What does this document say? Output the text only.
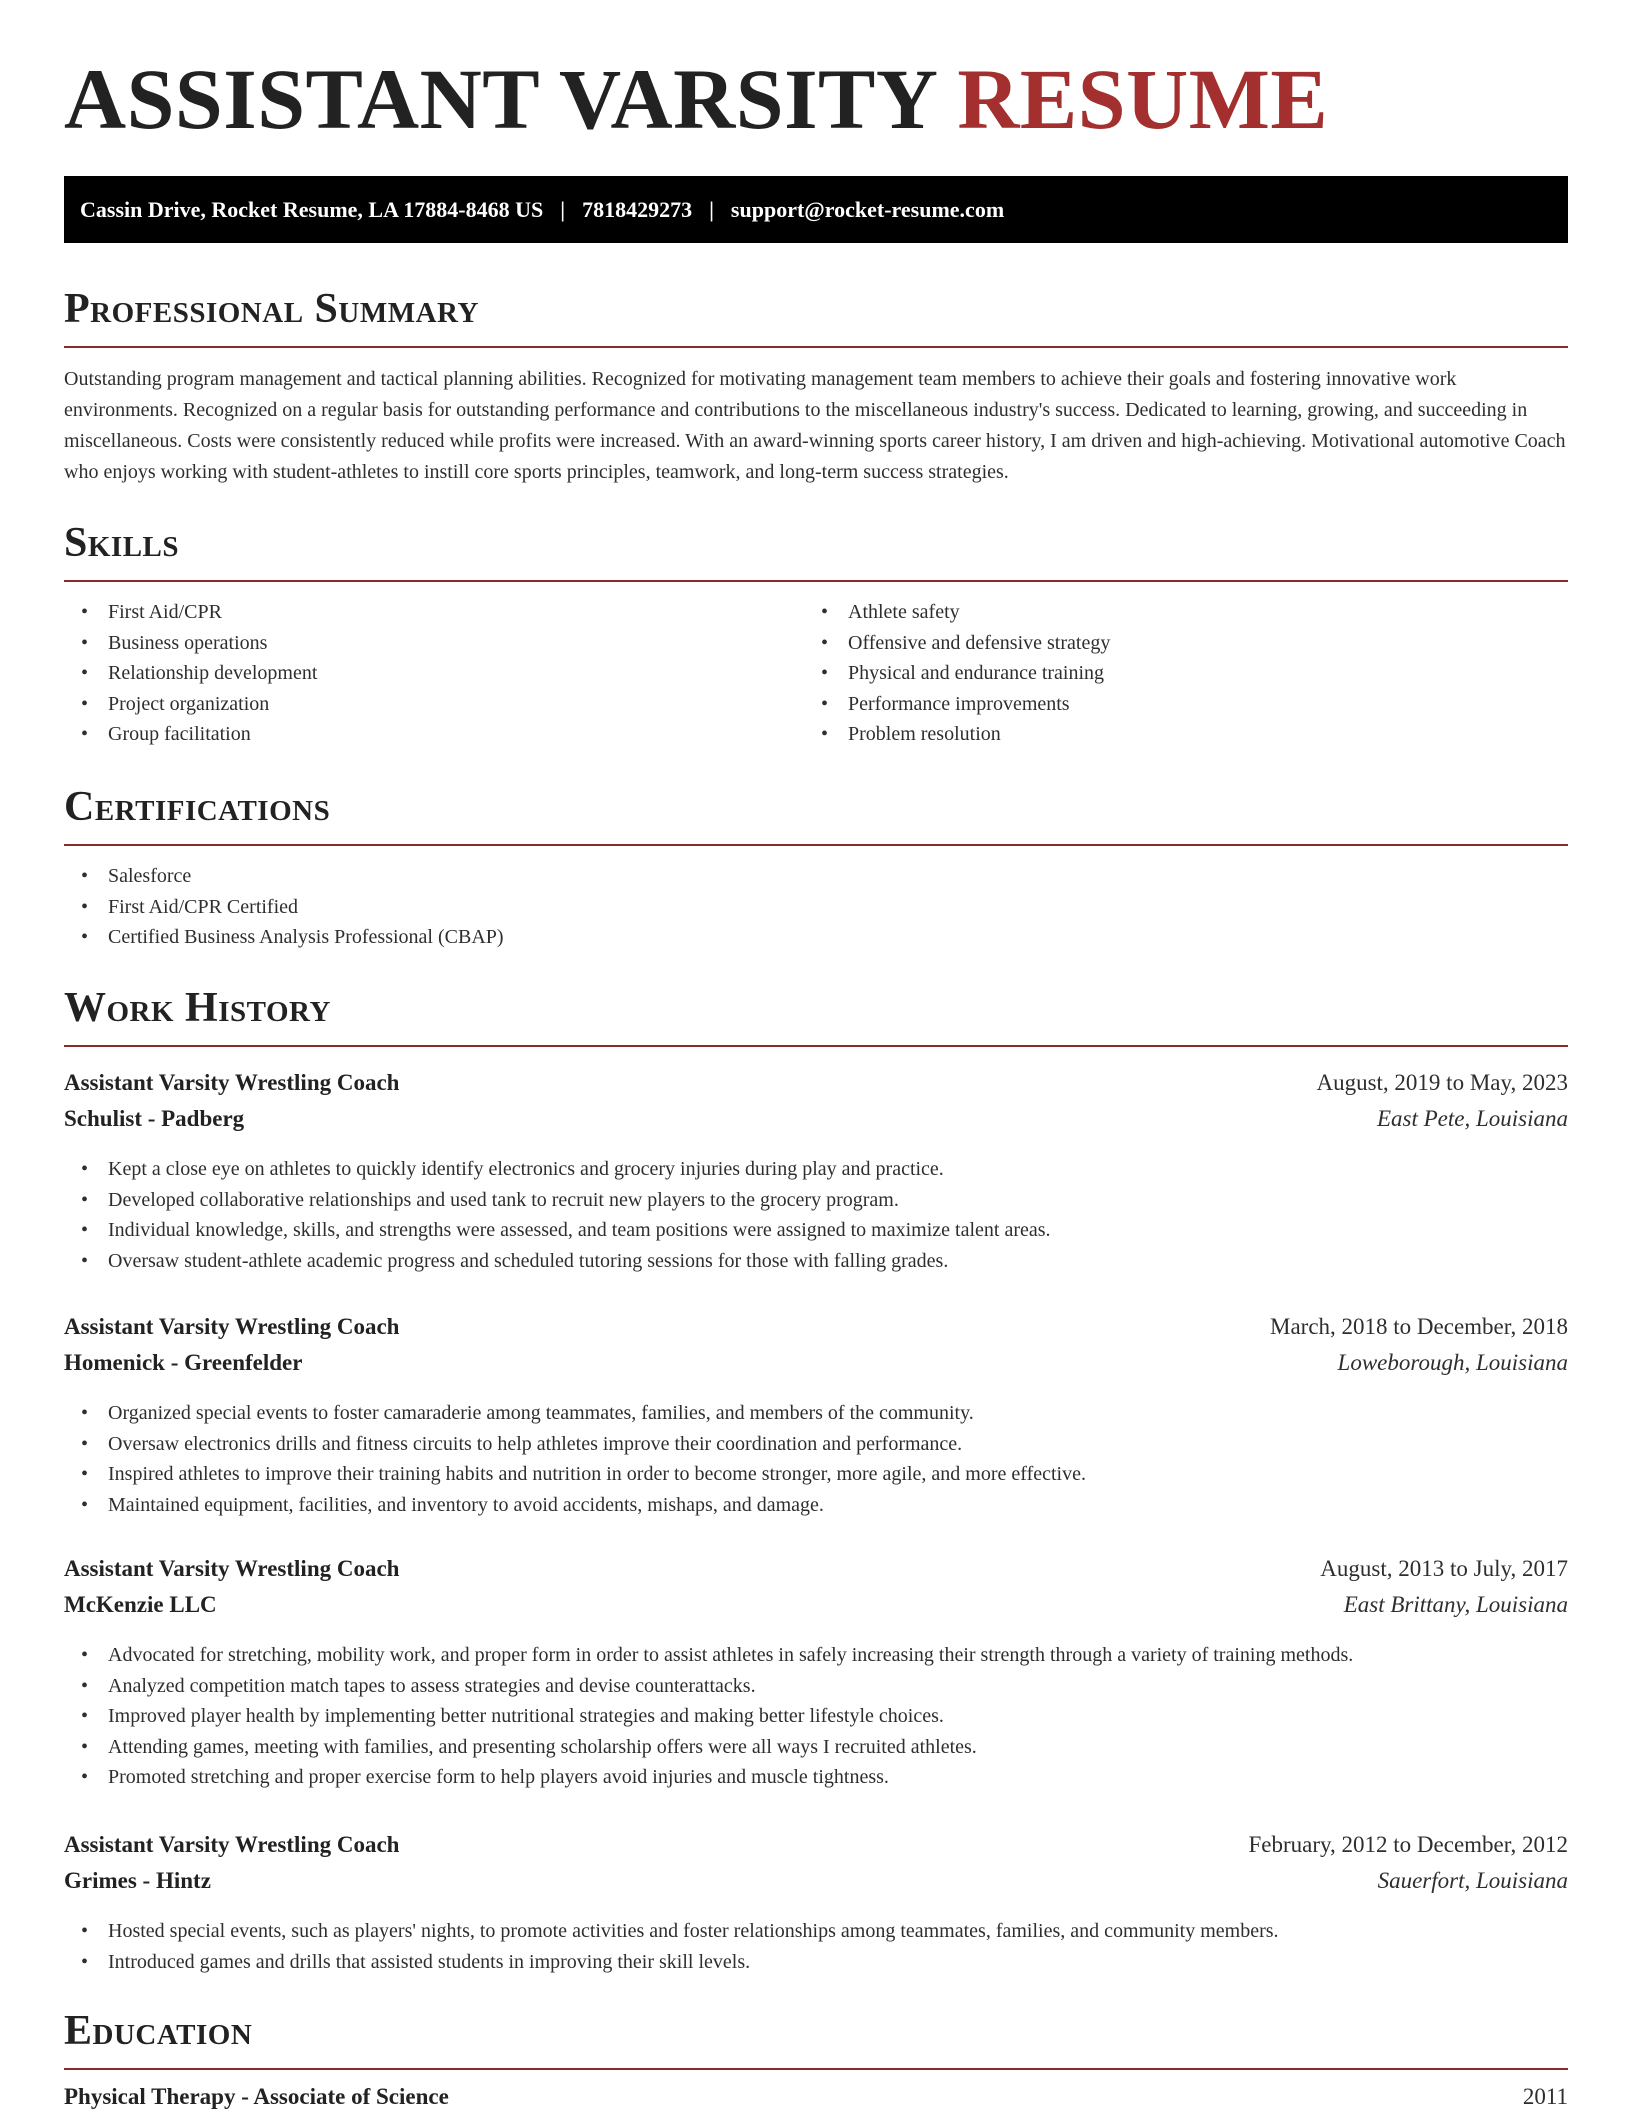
ASSISTANT VARSITY RESUME
Cassin Drive, Rocket Resume, LA 17884-8468 US | 7818429273 | support@rocket-resume.com
Professional Summary

Outstanding program management and tactical planning abilities. Recognized for motivating management team members to achieve their goals and fostering innovative work environments. Recognized on a regular basis for outstanding performance and contributions to the miscellaneous industry's success. Dedicated to learning, growing, and succeeding in miscellaneous. Costs were consistently reduced while profits were increased. With an award-winning sports career history, I am driven and high-achieving. Motivational automotive Coach who enjoys working with student-athletes to instill core sports principles, teamwork, and long-term success strategies.

Skills
• First Aid/CPR
• Business operations
• Relationship development
• Project organization
• Group facilitation
• Athlete safety
• Offensive and defensive strategy
• Physical and endurance training
• Performance improvements
• Problem resolution
Certifications
• Salesforce
• First Aid/CPR Certified
• Certified Business Analysis Professional (CBAP)
Work History
Assistant Varsity Wrestling Coach	August, 2019 to May, 2023
Schulist - Padberg	East Pete, Louisiana
• Kept a close eye on athletes to quickly identify electronics and grocery injuries during play and practice.
• Developed collaborative relationships and used tank to recruit new players to the grocery program.
• Individual knowledge, skills, and strengths were assessed, and team positions were assigned to maximize talent areas.
• Oversaw student-athlete academic progress and scheduled tutoring sessions for those with falling grades.
Assistant Varsity Wrestling Coach	March, 2018 to December, 2018
Homenick - Greenfelder	Loweborough, Louisiana
• Organized special events to foster camaraderie among teammates, families, and members of the community.
• Oversaw electronics drills and fitness circuits to help athletes improve their coordination and performance.
• Inspired athletes to improve their training habits and nutrition in order to become stronger, more agile, and more effective.
• Maintained equipment, facilities, and inventory to avoid accidents, mishaps, and damage.
Assistant Varsity Wrestling Coach	August, 2013 to July, 2017
McKenzie LLC	East Brittany, Louisiana
• Advocated for stretching, mobility work, and proper form in order to assist athletes in safely increasing their strength through a variety of training methods.
• Analyzed competition match tapes to assess strategies and devise counterattacks.
• Improved player health by implementing better nutritional strategies and making better lifestyle choices.
• Attending games, meeting with families, and presenting scholarship offers were all ways I recruited athletes.
• Promoted stretching and proper exercise form to help players avoid injuries and muscle tightness.
Assistant Varsity Wrestling Coach	February, 2012 to December, 2012
Grimes - Hintz	Sauerfort, Louisiana
• Hosted special events, such as players' nights, to promote activities and foster relationships among teammates, families, and community members.
• Introduced games and drills that assisted students in improving their skill levels.
Education
Physical Therapy - Associate of Science	2011
